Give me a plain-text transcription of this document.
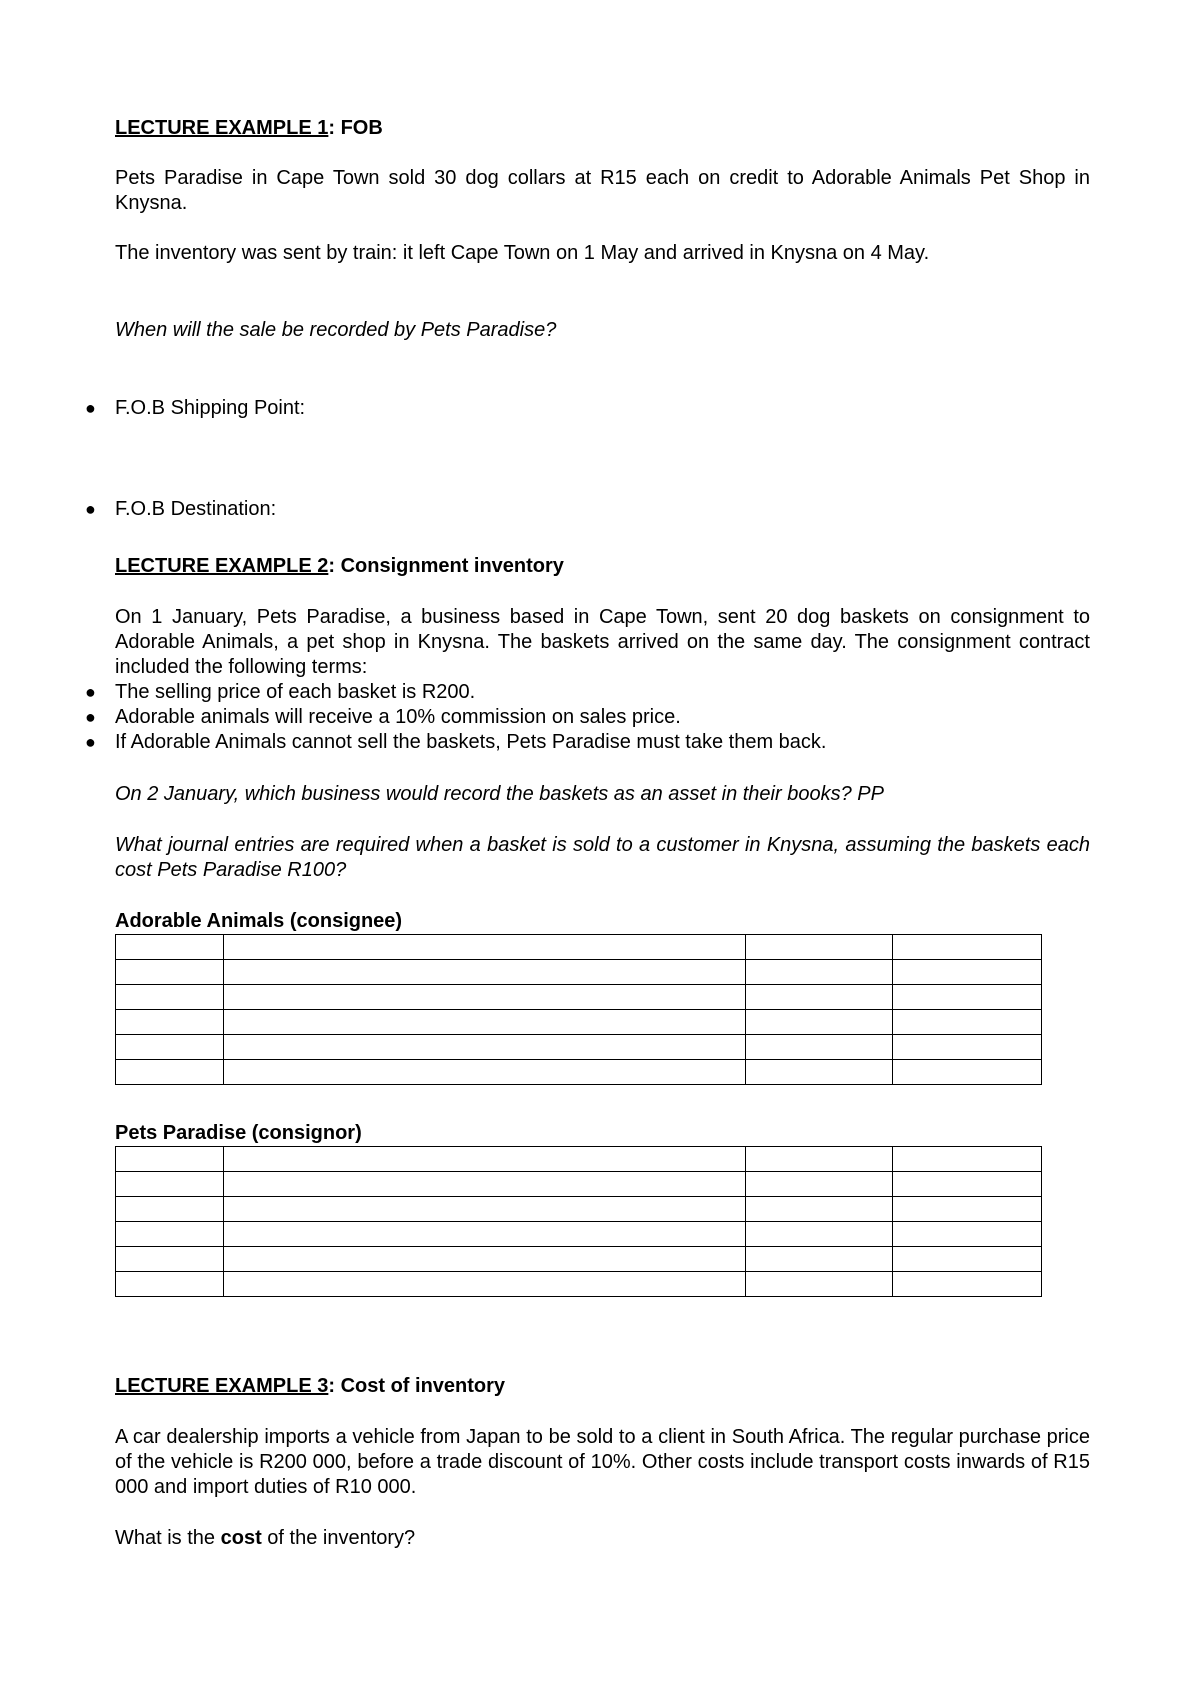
LECTURE EXAMPLE 1: FOB
Pets Paradise in Cape Town sold 30 dog collars at R15 each on credit to Adorable Animals Pet Shop in Knysna.
The inventory was sent by train: it left Cape Town on 1 May and arrived in Knysna on 4 May.
When will the sale be recorded by Pets Paradise?
● F.O.B Shipping Point:
● F.O.B Destination:
LECTURE EXAMPLE 2: Consignment inventory
On 1 January, Pets Paradise, a business based in Cape Town, sent 20 dog baskets on consignment to Adorable Animals, a pet shop in Knysna. The baskets arrived on the same day. The consignment contract included the following terms:
● The selling price of each basket is R200.
● Adorable animals will receive a 10% commission on sales price.
● If Adorable Animals cannot sell the baskets, Pets Paradise must take them back.
On 2 January, which business would record the baskets as an asset in their books? PP
What journal entries are required when a basket is sold to a customer in Knysna, assuming the baskets each cost Pets Paradise R100?
Adorable Animals (consignee)

Pets Paradise (consignor)

LECTURE EXAMPLE 3: Cost of inventory
A car dealership imports a vehicle from Japan to be sold to a client in South Africa. The regular purchase price of the vehicle is R200 000, before a trade discount of 10%. Other costs include transport costs inwards of R15 000 and import duties of R10 000.
What is the cost of the inventory?
